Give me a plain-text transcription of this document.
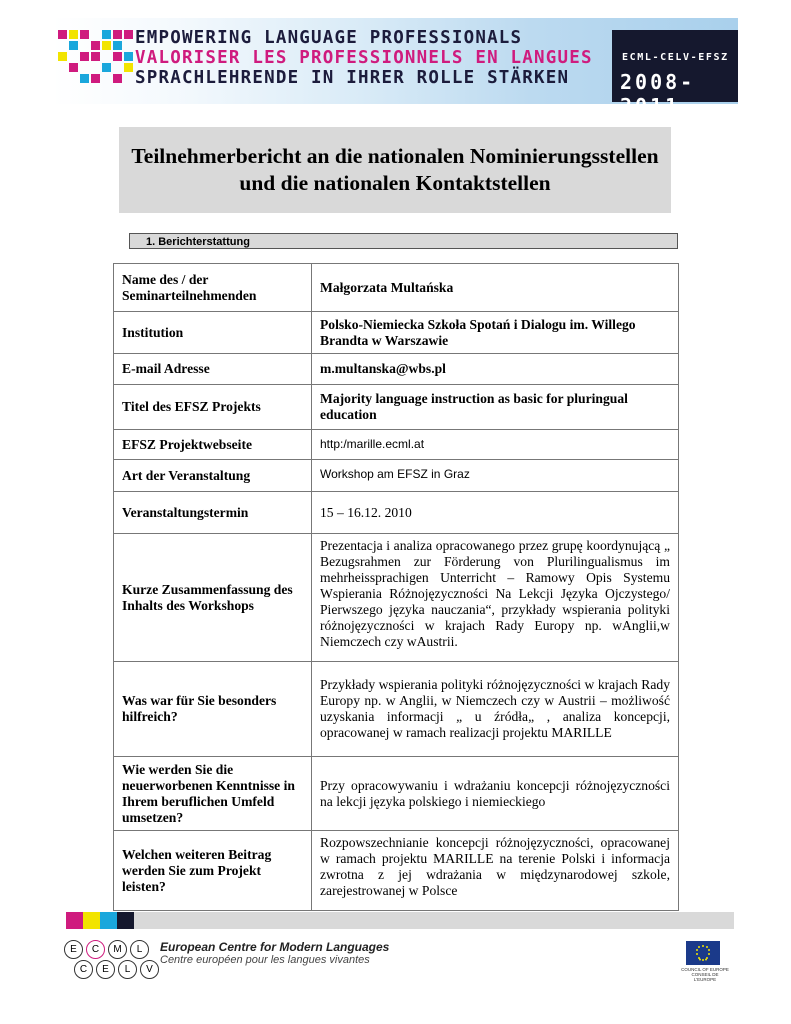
EMPOWERING LANGUAGE PROFESSIONALS
VALORISER LES PROFESSIONNELS EN LANGUES
SPRACHLEHRENDE IN IHRER ROLLE STÄRKEN
ECML-CELV-EFSZ
2008-2011
Teilnehmerbericht an die nationalen Nominierungsstellen
und die nationalen Kontaktstellen
1. Berichterstattung
Name des / der Seminarteilnehmenden	Małgorzata Multańska
Institution	Polsko-Niemiecka Szkoła Spotań i Dialogu im. Willego Brandta w Warszawie
E-mail Adresse	m.multanska@wbs.pl
Titel des EFSZ Projekts	Majority language instruction as basic for pluringual education
EFSZ Projektwebseite	http:/marille.ecml.at
Art der Veranstaltung	Workshop am EFSZ in Graz
Veranstaltungstermin	15 – 16.12. 2010
Kurze Zusammenfassung des Inhalts des Workshops	Prezentacja i analiza opracowanego przez grupę koordynującą „ Bezugsrahmen zur Förderung von Plurilingualismus im mehrheissprachigen Unterricht – Ramowy Opis Systemu Wspierania Różnojęzyczności Na Lekcji Języka Ojczystego/ Pierwszego języka nauczania“, przykłady wspierania polityki różnojęzyczności w krajach Rady Europy np. wAnglii,w Niemczech czy wAustrii.
Was war für Sie besonders hilfreich?	Przykłady wspierania polityki różnojęzyczności w krajach Rady Europy np. w Anglii, w Niemczech czy w Austrii – możliwość uzyskania informacji „ u źródła„ , analiza koncepcji, opracowanej w ramach realizacji projektu MARILLE
Wie werden Sie die neuerworbenen Kenntnisse in Ihrem beruflichen Umfeld umsetzen?	Przy opracowywaniu i wdrażaniu koncepcji różnojęzyczności na lekcji języka polskiego i niemieckiego
Welchen weiteren Beitrag werden Sie zum Projekt leisten?	Rozpowszechnianie koncepcji różnojęzyczności, opracowanej w ramach projektu MARILLE na terenie Polski i informacja zwrotna z jej wdrażania w międzynarodowej szkole, zarejestrowanej w Polsce
E	C	M	L
C	E	L	V
European Centre for Modern Languages
Centre européen pour les langues vivantes
COUNCIL OF EUROPE CONSEIL DE L'EUROPE
